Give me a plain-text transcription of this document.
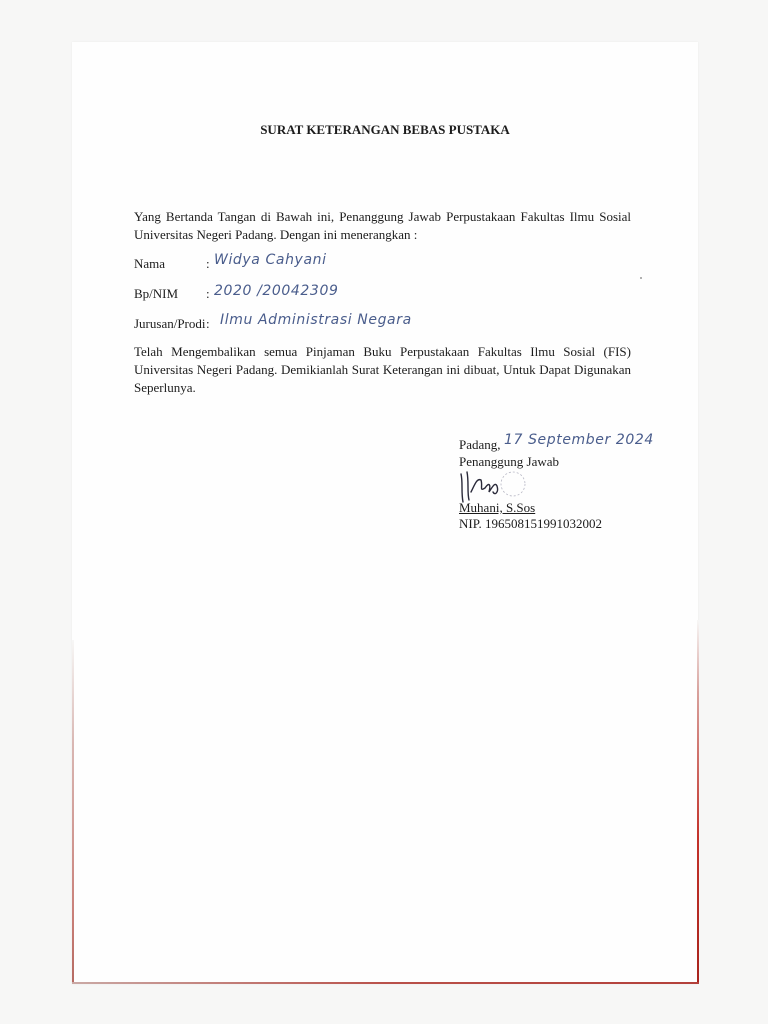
SURAT KETERANGAN BEBAS PUSTAKA
Yang Bertanda Tangan di Bawah ini, Penanggung Jawab Perpustakaan Fakultas Ilmu Sosial
Universitas Negeri Padang. Dengan ini menerangkan :
Nama	: Widya Cahyani
Bp/NIM : 2020 /20042309
Jurusan/Prodi : Ilmu Administrasi Negara
Telah Mengembalikan semua Pinjaman Buku Perpustakaan Fakultas Ilmu Sosial (FIS)
Universitas Negeri Padang. Demikianlah Surat Keterangan ini dibuat, Untuk Dapat Digunakan
Seperlunya.
Padang, 17 September 2024
Penanggung Jawab
Muhani, S.Sos
NIP. 196508151991032002
